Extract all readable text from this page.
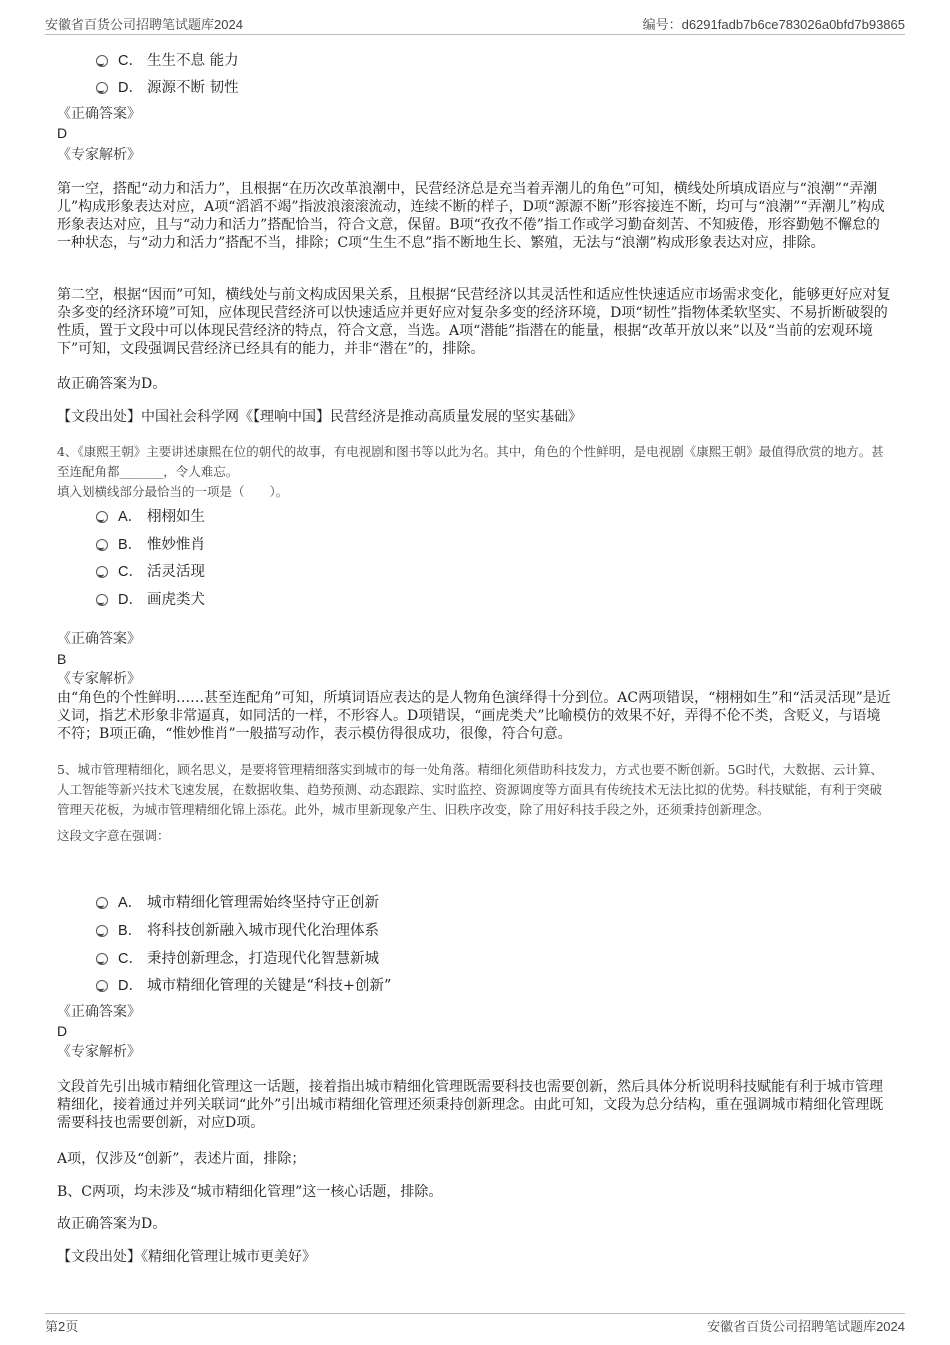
安徽省百货公司招聘笔试题库2024	编号：d6291fadb7b6ce783026a0bfd7b93865
C． 生生不息 能力
D． 源源不断 韧性
《正确答案》
D
《专家解析》

第一空，搭配“动力和活力”，且根据“在历次改革浪潮中，民营经济总是充当着弄潮儿的角色”可知，横线处所填成语应与“浪潮”“弄潮儿”构成形象表达对应，A项“滔滔不竭”指波浪滚滚流动，连续不断的样子，D项“源源不断”形容接连不断，均可与“浪潮”“弄潮儿”构成形象表达对应，且与“动力和活力”搭配恰当，符合文意，保留。B项“孜孜不倦”指工作或学习勤奋刻苦、不知疲倦，形容勤勉不懈怠的一种状态，与“动力和活力”搭配不当，排除；C项“生生不息”指不断地生长、繁殖，无法与“浪潮”构成形象表达对应，排除。

第二空，根据“因而”可知，横线处与前文构成因果关系，且根据“民营经济以其灵活性和适应性快速适应市场需求变化，能够更好应对复杂多变的经济环境”可知，应体现民营经济可以快速适应并更好应对复杂多变的经济环境，D项“韧性”指物体柔软坚实、不易折断破裂的性质，置于文段中可以体现民营经济的特点，符合文意，当选。A项“潜能”指潜在的能量，根据“改革开放以来”以及“当前的宏观环境下”可知，文段强调民营经济已经具有的能力，并非“潜在”的，排除。

故正确答案为D。

【文段出处】中国社会科学网《【理响中国】民营经济是推动高质量发展的坚实基础》

4、《康熙王朝》主要讲述康熙在位的朝代的故事，有电视剧和图书等以此为名。其中，角色的个性鲜明，是电视剧《康熙王朝》最值得欣赏的地方。甚至连配角都_______，令人难忘。
填入划横线部分最恰当的一项是（　　）。
A． 栩栩如生
B． 惟妙惟肖
C． 活灵活现
D． 画虎类犬
《正确答案》
B
《专家解析》

由“角色的个性鲜明……甚至连配角”可知，所填词语应表达的是人物角色演绎得十分到位。AC两项错误，“栩栩如生”和“活灵活现”是近义词，指艺术形象非常逼真，如同活的一样，不形容人。D项错误，“画虎类犬”比喻模仿的效果不好，弄得不伦不类，含贬义，与语境不符；B项正确，“惟妙惟肖”一般描写动作，表示模仿得很成功，很像，符合句意。

5、城市管理精细化，顾名思义，是要将管理精细落实到城市的每一处角落。精细化须借助科技发力，方式也要不断创新。5G时代，大数据、云计算、人工智能等新兴技术飞速发展，在数据收集、趋势预测、动态跟踪、实时监控、资源调度等方面具有传统技术无法比拟的优势。科技赋能，有利于突破管理天花板，为城市管理精细化锦上添花。此外，城市里新现象产生、旧秩序改变，除了用好科技手段之外，还须秉持创新理念。
这段文字意在强调：
A． 城市精细化管理需始终坚持守正创新
B． 将科技创新融入城市现代化治理体系
C． 秉持创新理念，打造现代化智慧新城
D． 城市精细化管理的关键是“科技+创新”
《正确答案》
D
《专家解析》

文段首先引出城市精细化管理这一话题，接着指出城市精细化管理既需要科技也需要创新，然后具体分析说明科技赋能有利于城市管理精细化，接着通过并列关联词“此外”引出城市精细化管理还须秉持创新理念。由此可知，文段为总分结构，重在强调城市精细化管理既需要科技也需要创新，对应D项。

A项，仅涉及“创新”，表述片面，排除；

B、C两项，均未涉及“城市精细化管理”这一核心话题，排除。

故正确答案为D。

【文段出处】《精细化管理让城市更美好》

第2页	安徽省百货公司招聘笔试题库2024
